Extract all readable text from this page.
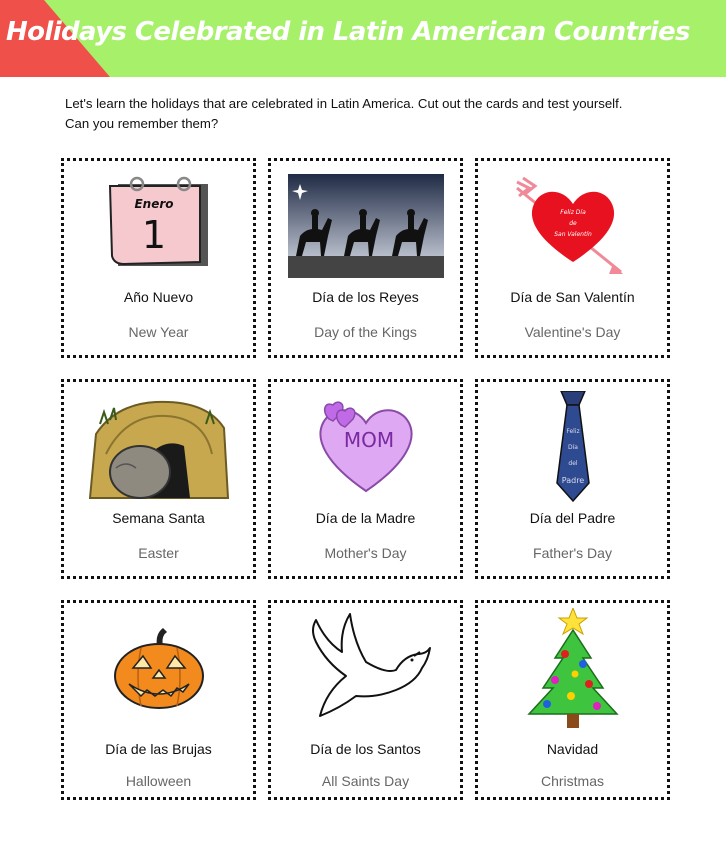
Holidays Celebrated in Latin American Countries
Let's learn the holidays that are celebrated in Latin America. Cut out the cards and test yourself.
Can you remember them?
Enero
1
Año Nuevo
New Year
Día de los Reyes
Day of the Kings
Feliz Día
de
San Valentín
Día de San Valentín
Valentine's Day
Semana Santa
Easter
MOM
Día de la Madre
Mother's Day
Feliz
Día
del
Padre
Día del Padre
Father's Day
Día de las Brujas
Halloween
Día de los Santos
All Saints Day
Navidad
Christmas
